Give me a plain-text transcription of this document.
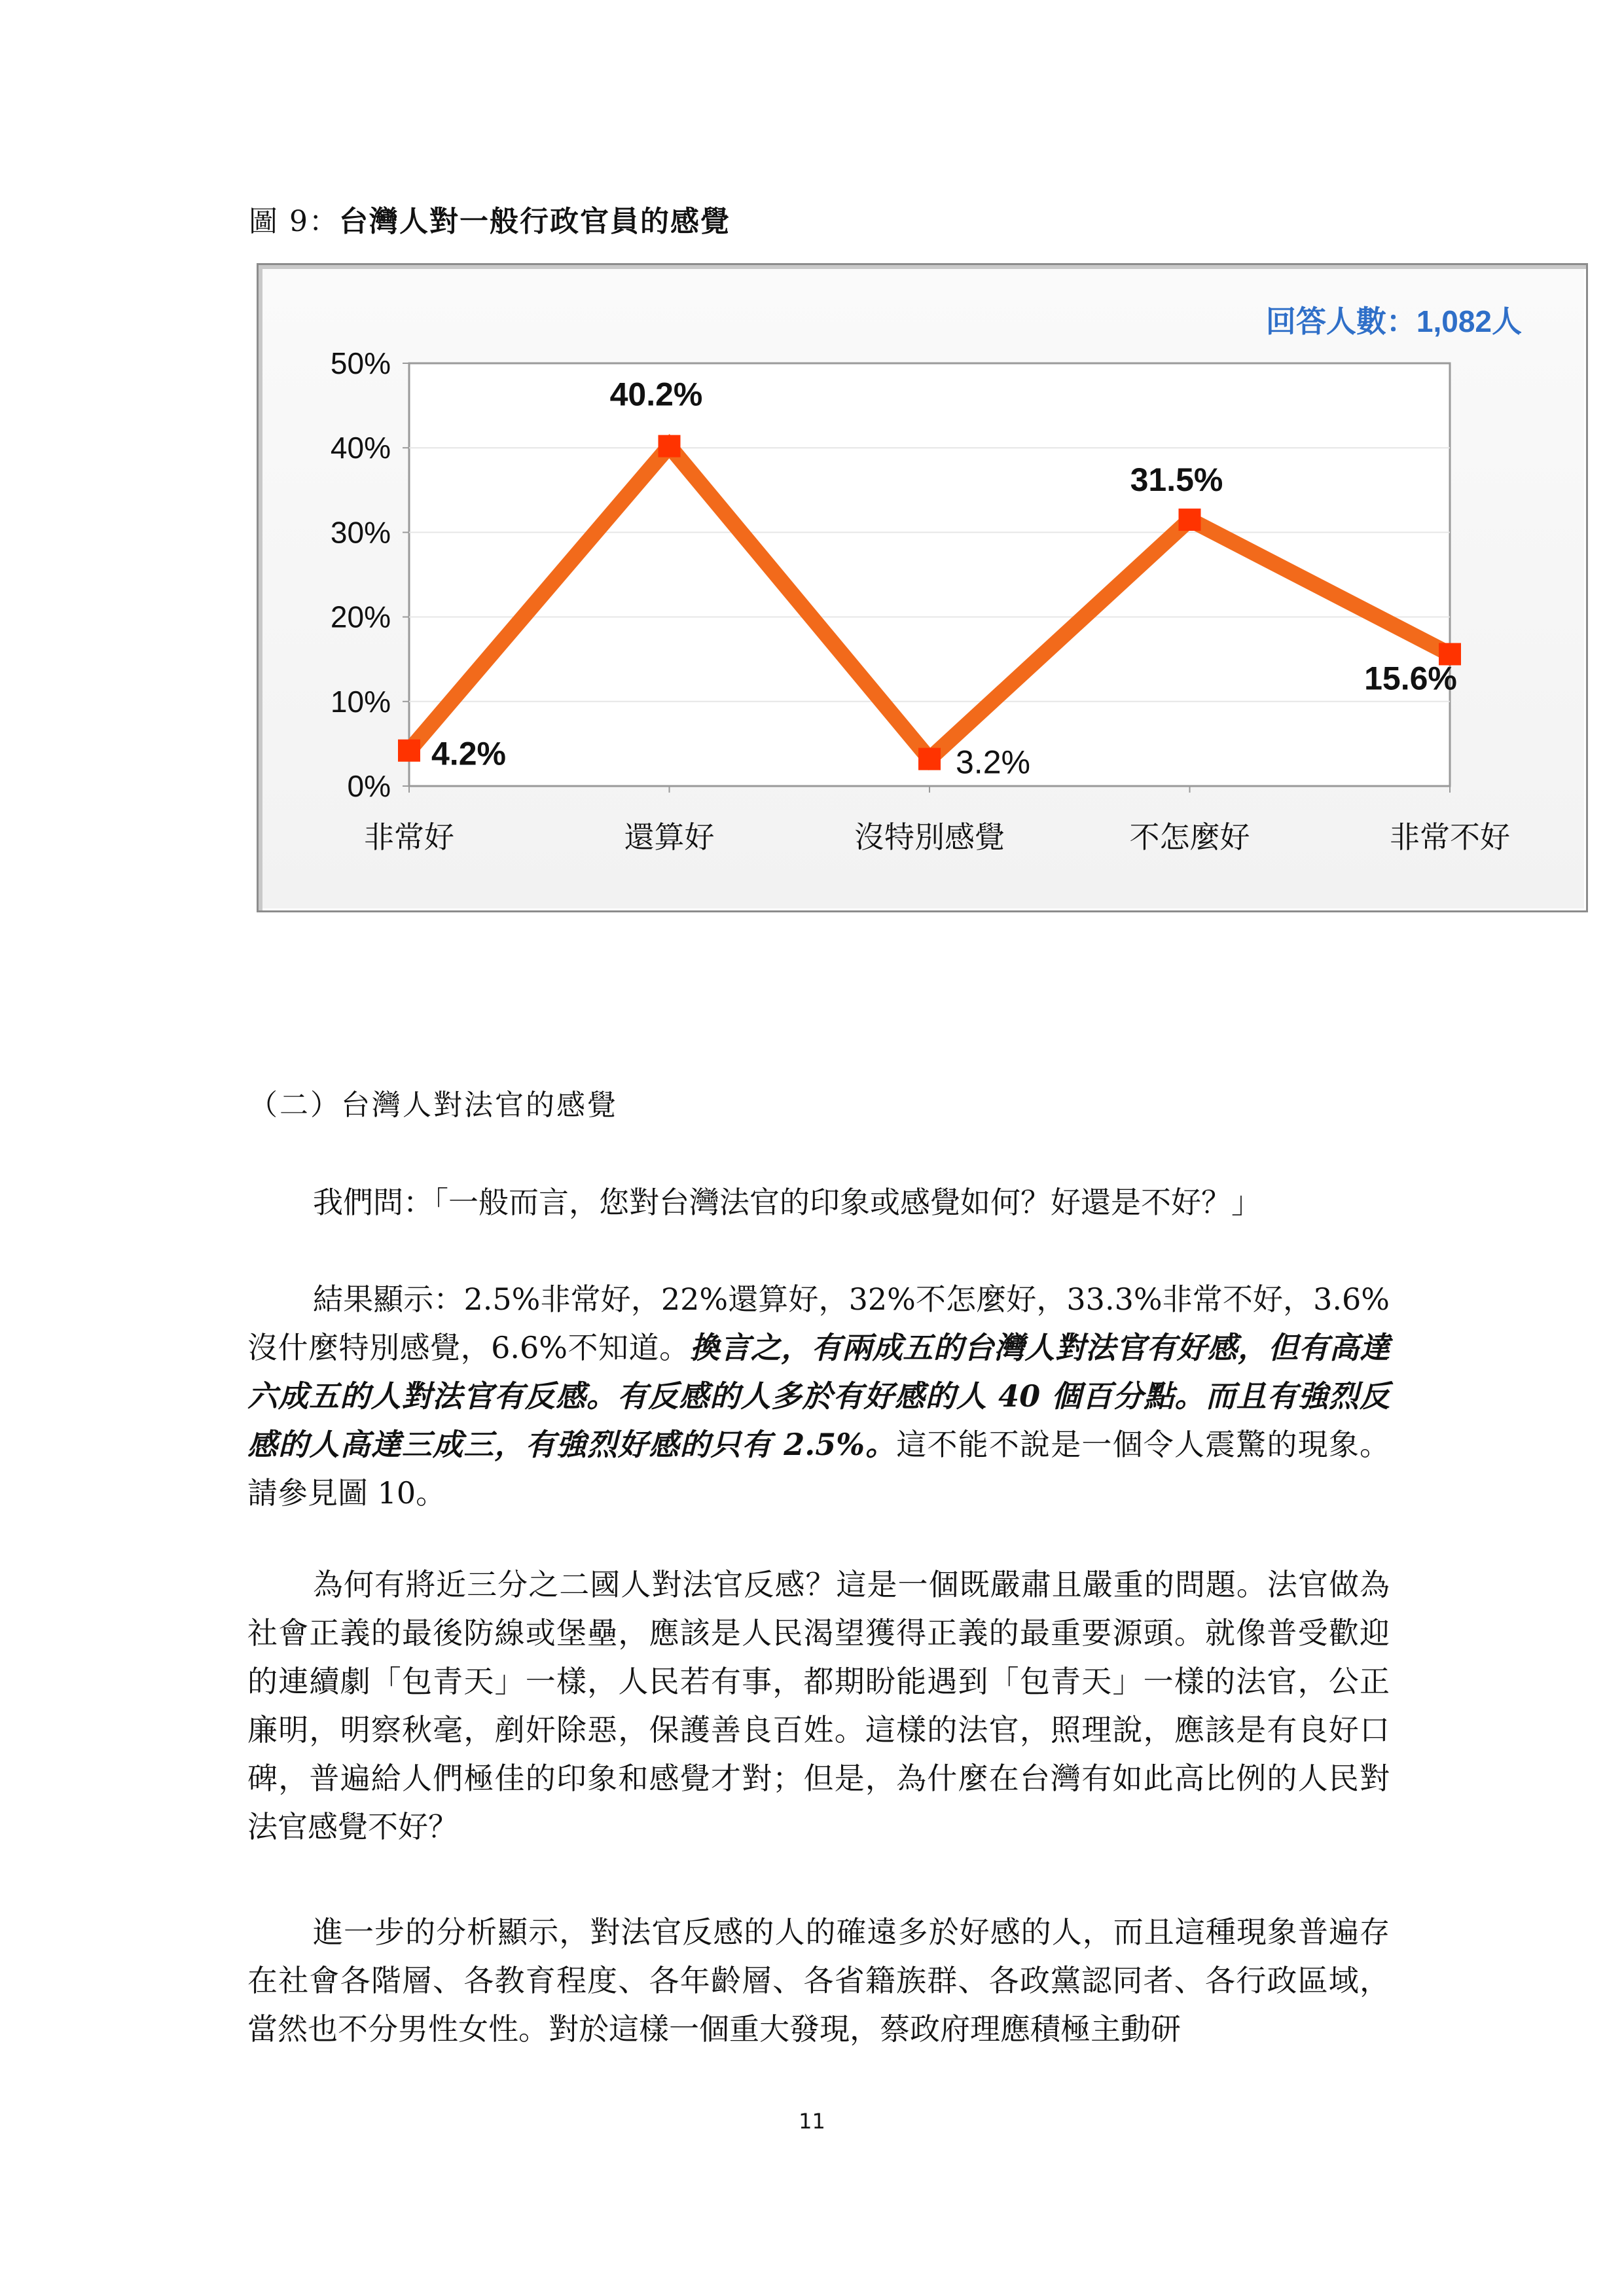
圖 9：台灣人對一般行政官員的感覺
0%
10%
20%
30%
40%
50%
非常好	還算好	沒特別感覺	不怎麼好	非常不好
4.2%
40.2%
3.2%
31.5%
15.6%
回答人數：1,082人
（二）台灣人對法官的感覺

我們問：「一般而言，您對台灣法官的印象或感覺如何？好還是不好？」

結果顯示：2.5%非常好，22%還算好，32%不怎麼好，33.3%非常不好，3.6%沒什麼特別感覺，6.6%不知道。換言之，有兩成五的台灣人對法官有好感，但有高達六成五的人對法官有反感。有反感的人多於有好感的人 40 個百分點。而且有強烈反感的人高達三成三，有強烈好感的只有 2.5%。這不能不說是一個令人震驚的現象。請參見圖 10。

為何有將近三分之二國人對法官反感？這是一個既嚴肅且嚴重的問題。法官做為社會正義的最後防線或堡壘，應該是人民渴望獲得正義的最重要源頭。就像普受歡迎的連續劇「包青天」一樣，人民若有事，都期盼能遇到「包青天」一樣的法官，公正廉明，明察秋毫，剷奸除惡，保護善良百姓。這樣的法官，照理說，應該是有良好口碑，普遍給人們極佳的印象和感覺才對；但是，為什麼在台灣有如此高比例的人民對法官感覺不好？

進一步的分析顯示，對法官反感的人的確遠多於好感的人，而且這種現象普遍存在社會各階層、各教育程度、各年齡層、各省籍族群、各政黨認同者、各行政區域，當然也不分男性女性。對於這樣一個重大發現，蔡政府理應積極主動研

11
